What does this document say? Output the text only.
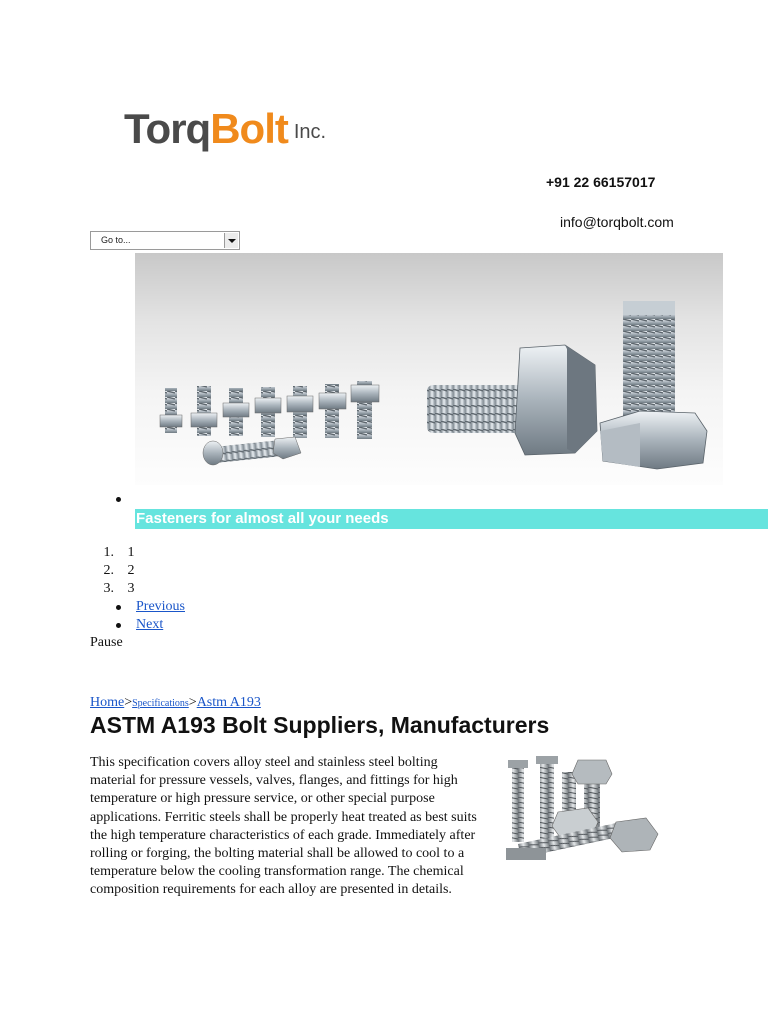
Torq Bolt Inc.
+91 22 66157017
info@torqbolt.com
Go to...
Fasteners for almost all your needs
1. 1
2. 2
3. 3
Previous
Next
Pause
Home>Specifications>Astm A193
ASTM A193 Bolt Suppliers, Manufacturers

This specification covers alloy steel and stainless steel bolting material for pressure vessels, valves, flanges, and fittings for high temperature or high pressure service, or other special purpose applications. Ferritic steels shall be properly heat treated as best suits the high temperature characteristics of each grade. Immediately after rolling or forging, the bolting material shall be allowed to cool to a temperature below the cooling transformation range. The chemical composition requirements for each alloy are presented in details.
